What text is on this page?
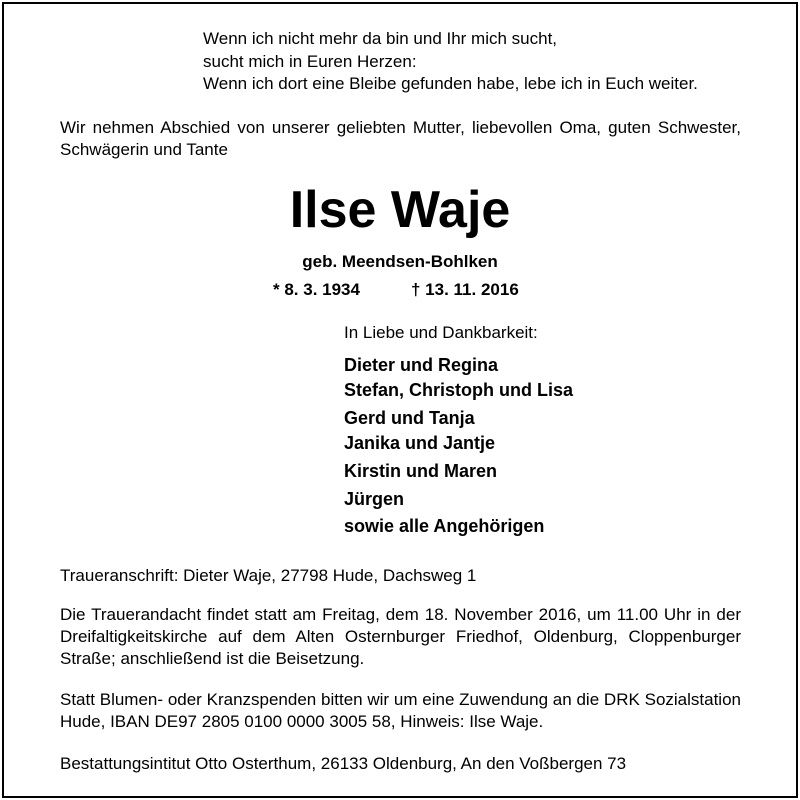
Wenn ich nicht mehr da bin und Ihr mich sucht,
sucht mich in Euren Herzen:
Wenn ich dort eine Bleibe gefunden habe, lebe ich in Euch weiter.
Wir nehmen Abschied von unserer geliebten Mutter, liebevollen Oma, guten Schwester, Schwägerin und Tante
Ilse Waje
geb. Meendsen-Bohlken
* 8. 3. 1934	† 13. 11. 2016
In Liebe und Dankbarkeit:
Dieter und Regina
Stefan, Christoph und Lisa
Gerd und Tanja
Janika und Jantje
Kirstin und Maren
Jürgen
sowie alle Angehörigen
Traueranschrift: Dieter Waje, 27798 Hude, Dachsweg 1
Die Trauerandacht findet statt am Freitag, dem 18. November 2016, um 11.00 Uhr in der Dreifaltigkeitskirche auf dem Alten Osternburger Friedhof, Oldenburg, Cloppenburger Straße; anschließend ist die Beisetzung.
Statt Blumen- oder Kranzspenden bitten wir um eine Zuwendung an die DRK Sozialstation Hude, IBAN DE97 2805 0100 0000 3005 58, Hinweis: Ilse Waje.
Bestattungsintitut Otto Osterthum, 26133 Oldenburg, An den Voßbergen 73
